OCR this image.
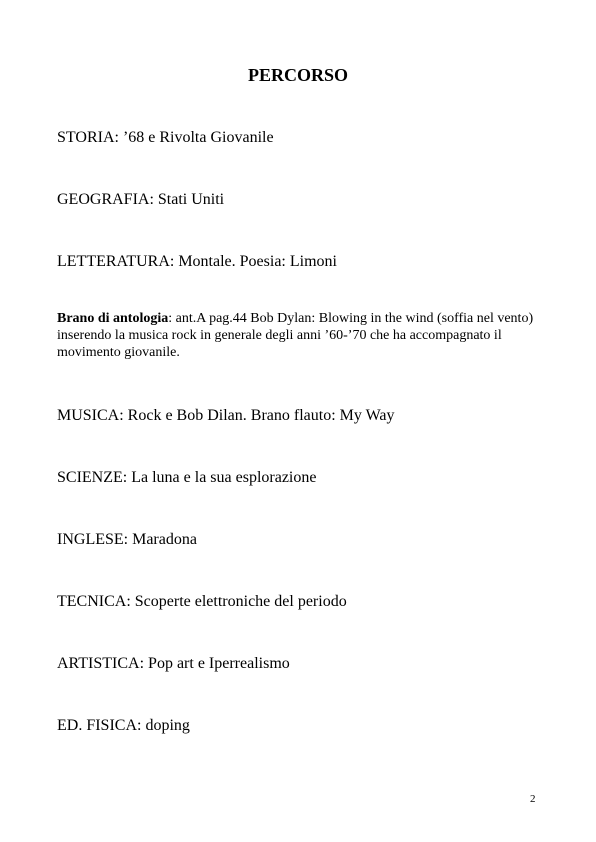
PERCORSO
STORIA: ’68 e Rivolta Giovanile
GEOGRAFIA: Stati Uniti
LETTERATURA: Montale. Poesia: Limoni
Brano di antologia: ant.A pag.44 Bob Dylan: Blowing in the wind (soffia nel vento) inserendo la musica rock in generale degli anni ’60-’70 che ha accompagnato il movimento giovanile.
MUSICA: Rock e Bob Dilan. Brano flauto: My Way
SCIENZE: La luna e la sua esplorazione
INGLESE: Maradona
TECNICA: Scoperte elettroniche del periodo
ARTISTICA: Pop art e Iperrealismo
ED. FISICA: doping
2
